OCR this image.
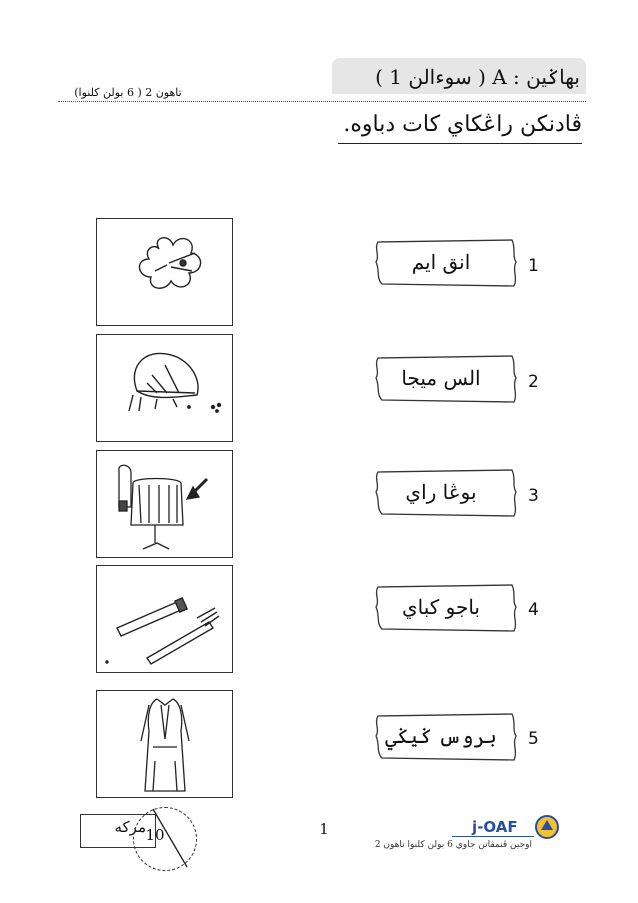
بهاݢين : A ( سوءالن 1 )
تاهون 2 ( 6 بولن كلنوا)
ڤادنكن راڠكاي كات دباوه.
انق ايم	1
الس ميجا	2
بوڠا راي	3
باجو كباي	4
بروس ݢيݢي 5
مركه 10	1	j-OAF
اوجين ڤنمڤاتن جاوي 6 بولن كلنوا تاهون 2
